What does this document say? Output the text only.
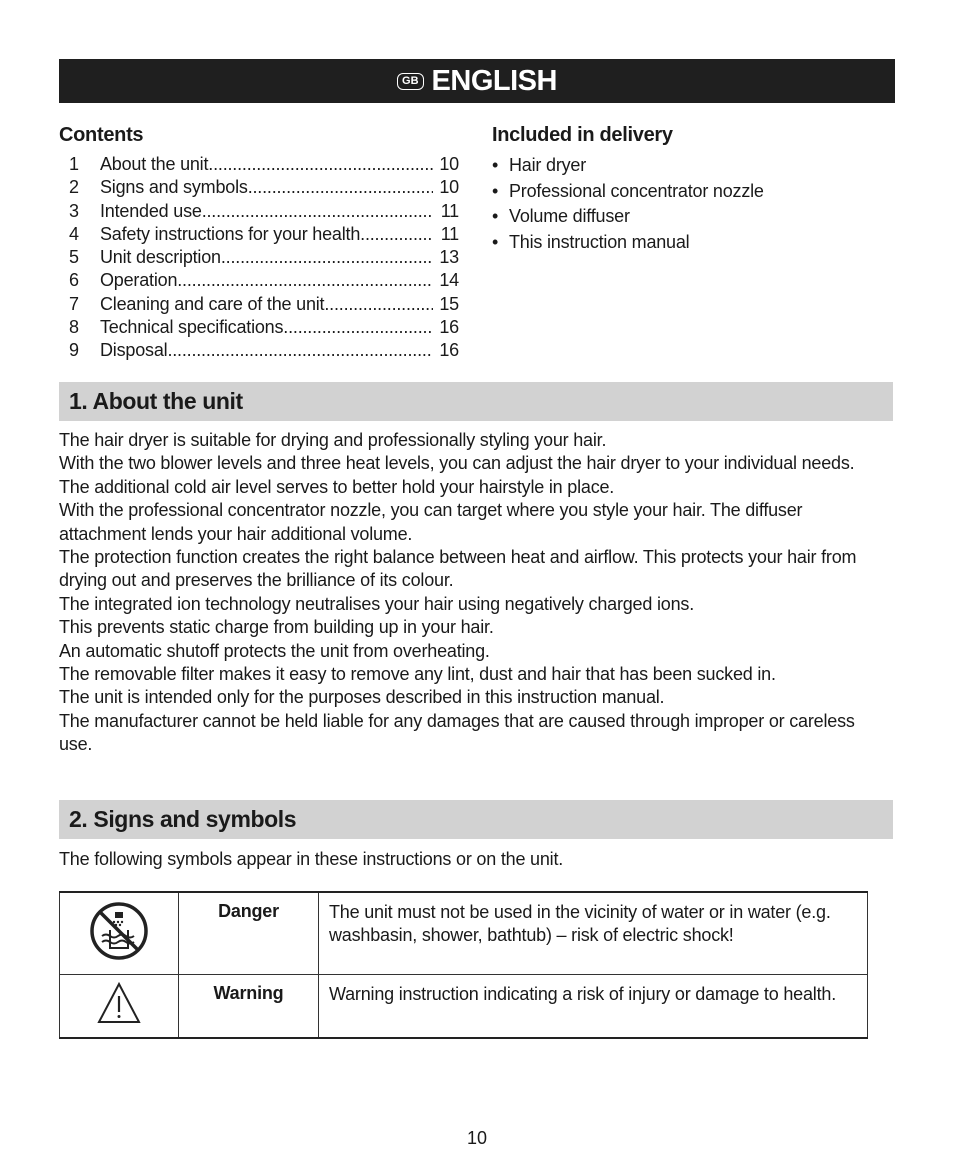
GB ENGLISH
Contents
1	About the unit .....	10
2	Signs and symbols .....	10
3	Intended use .....	11
4	Safety instructions for your health .....	11
5	Unit description .....	13
6	Operation .....	14
7	Cleaning and care of the unit .....	15
8	Technical specifications .....	16
9	Disposal .....	16
Included in delivery
• Hair dryer
• Professional concentrator nozzle
• Volume diffuser
• This instruction manual
1. About the unit

The hair dryer is suitable for drying and professionally styling your hair.

With the two blower levels and three heat levels, you can adjust the hair dryer to your individual needs.

The additional cold air level serves to better hold your hairstyle in place.

With the professional concentrator nozzle, you can target where you style your hair. The diffuser attachment lends your hair additional volume.

The protection function creates the right balance between heat and airflow. This protects your hair from drying out and preserves the brilliance of its colour.

The integrated ion technology neutralises your hair using negatively charged ions.

This prevents static charge from building up in your hair.

An automatic shutoff protects the unit from overheating.

The removable filter makes it easy to remove any lint, dust and hair that has been sucked in.

The unit is intended only for the purposes described in this instruction manual.

The manufacturer cannot be held liable for any damages that are caused through improper or careless use.

2. Signs and symbols

The following symbols appear in these instructions or on the unit.

	Danger	The unit must not be used in the vicinity of water or in water (e.g. washbasin, shower, bathtub) – risk of electric shock!
	Warning	Warning instruction indicating a risk of injury or damage to health.
10
